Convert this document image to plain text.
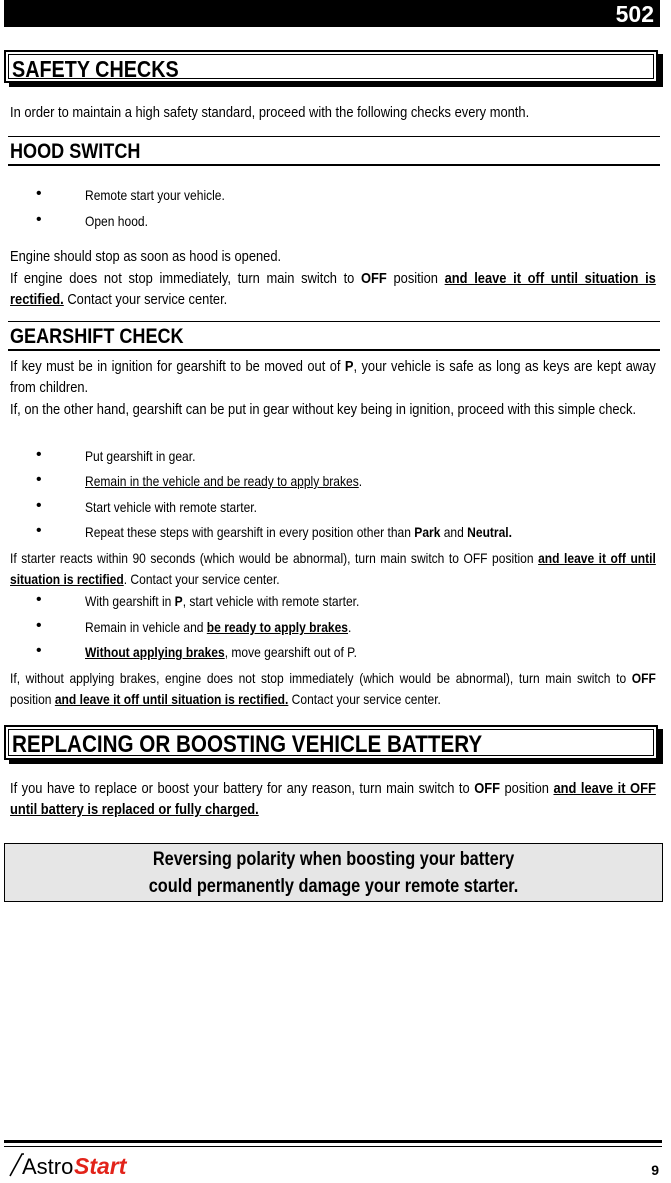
502
SAFETY CHECKS
In order to maintain a high safety standard, proceed with the following checks every month.
HOOD SWITCH
•	Remote start your vehicle.
•	Open hood.
Engine should stop as soon as hood is opened.
If engine does not stop immediately, turn main switch to OFF position and leave it off until situation is rectified. Contact your service center.
GEARSHIFT CHECK
If key must be in ignition for gearshift to be moved out of P, your vehicle is safe as long as keys are kept away from children.
If, on the other hand, gearshift can be put in gear without key being in ignition, proceed with this simple check.
•	Put gearshift in gear.
•	Remain in the vehicle and be ready to apply brakes.
•	Start vehicle with remote starter.
•	Repeat these steps with gearshift in every position other than Park and Neutral.
If starter reacts within 90 seconds (which would be abnormal), turn main switch to OFF position and leave it off until situation is rectified. Contact your service center.
•	With gearshift in P, start vehicle with remote starter.
•	Remain in vehicle and be ready to apply brakes.
•	Without applying brakes, move gearshift out of P.
If, without applying brakes, engine does not stop immediately (which would be abnormal), turn main switch to OFF position and leave it off until situation is rectified. Contact your service center.
REPLACING OR BOOSTING VEHICLE BATTERY
If you have to replace or boost your battery for any reason, turn main switch to OFF position and leave it OFF until battery is replaced or fully charged.
Reversing polarity when boosting your battery
could permanently damage your remote starter.
Astro Start	9
